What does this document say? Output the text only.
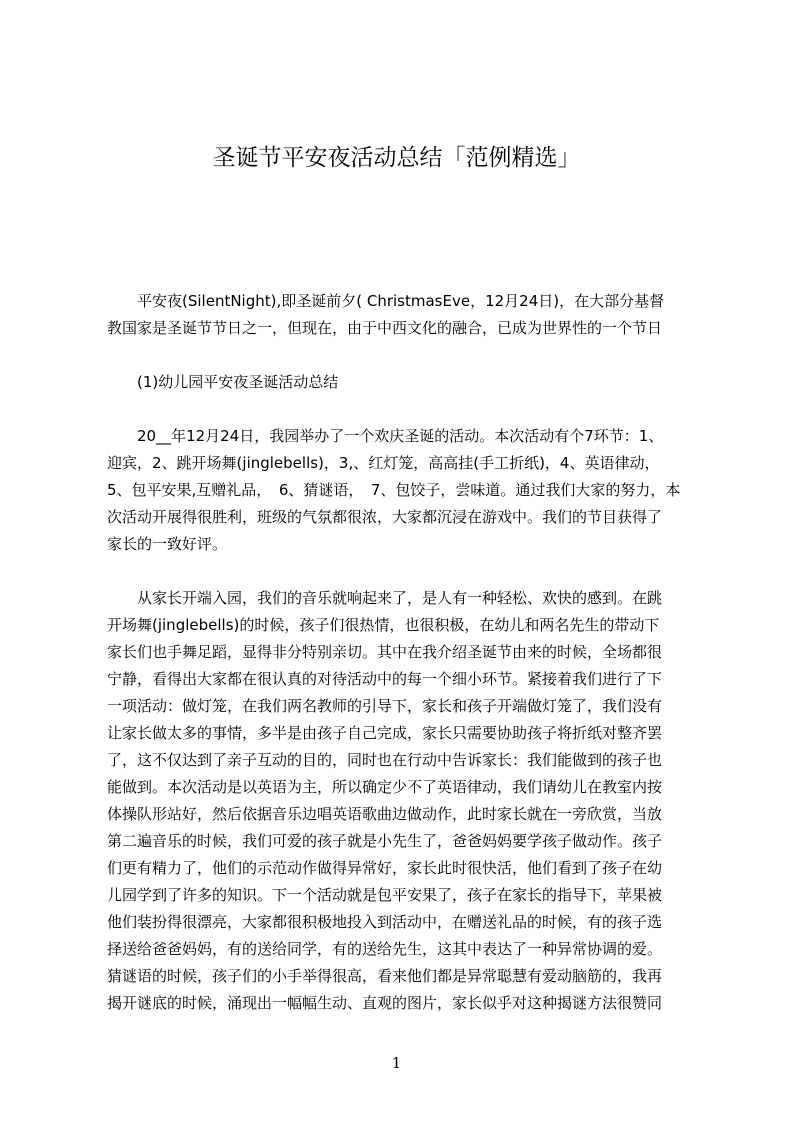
圣诞节平安夜活动总结「范例精选」
　　平安夜(SilentNight),即圣诞前夕( ChristmasEve，12月24日)，在大部分基督
教国家是圣诞节节日之一，但现在，由于中西文化的融合，已成为世界性的一个节日
　　(1)幼儿园平安夜圣诞活动总结
　　20__年12月24日，我园举办了一个欢庆圣诞的活动。本次活动有个7环节：1、
迎宾，2、跳开场舞(jinglebells)，3,、红灯笼，高高挂(手工折纸)，4、英语律动，
5、包平安果,互赠礼品，　6、猜谜语，　7、包饺子，尝味道。通过我们大家的努力，本
次活动开展得很胜利，班级的气氛都很浓，大家都沉浸在游戏中。我们的节目获得了
家长的一致好评。
　　从家长开端入园，我们的音乐就响起来了，是人有一种轻松、欢快的感到。在跳
开场舞(jinglebells)的时候，孩子们很热情，也很积极，在幼儿和两名先生的带动下
家长们也手舞足蹈，显得非分特别亲切。其中在我介绍圣诞节由来的时候，全场都很
宁静，看得出大家都在很认真的对待活动中的每一个细小环节。紧接着我们进行了下
一项活动：做灯笼，在我们两名教师的引导下，家长和孩子开端做灯笼了，我们没有
让家长做太多的事情，多半是由孩子自己完成，家长只需要协助孩子将折纸对整齐罢
了，这不仅达到了亲子互动的目的，同时也在行动中告诉家长：我们能做到的孩子也
能做到。本次活动是以英语为主，所以确定少不了英语律动，我们请幼儿在教室内按
体操队形站好，然后依据音乐边唱英语歌曲边做动作，此时家长就在一旁欣赏，当放
第二遍音乐的时候，我们可爱的孩子就是小先生了，爸爸妈妈要学孩子做动作。孩子
们更有精力了，他们的示范动作做得异常好，家长此时很快活，他们看到了孩子在幼
儿园学到了许多的知识。下一个活动就是包平安果了，孩子在家长的指导下，苹果被
他们装扮得很漂亮，大家都很积极地投入到活动中，在赠送礼品的时候，有的孩子选
择送给爸爸妈妈，有的送给同学，有的送给先生，这其中表达了一种异常协调的爱。
猜谜语的时候，孩子们的小手举得很高，看来他们都是异常聪慧有爱动脑筋的，我再
揭开谜底的时候，涌现出一幅幅生动、直观的图片，家长似乎对这种揭谜方法很赞同
1
